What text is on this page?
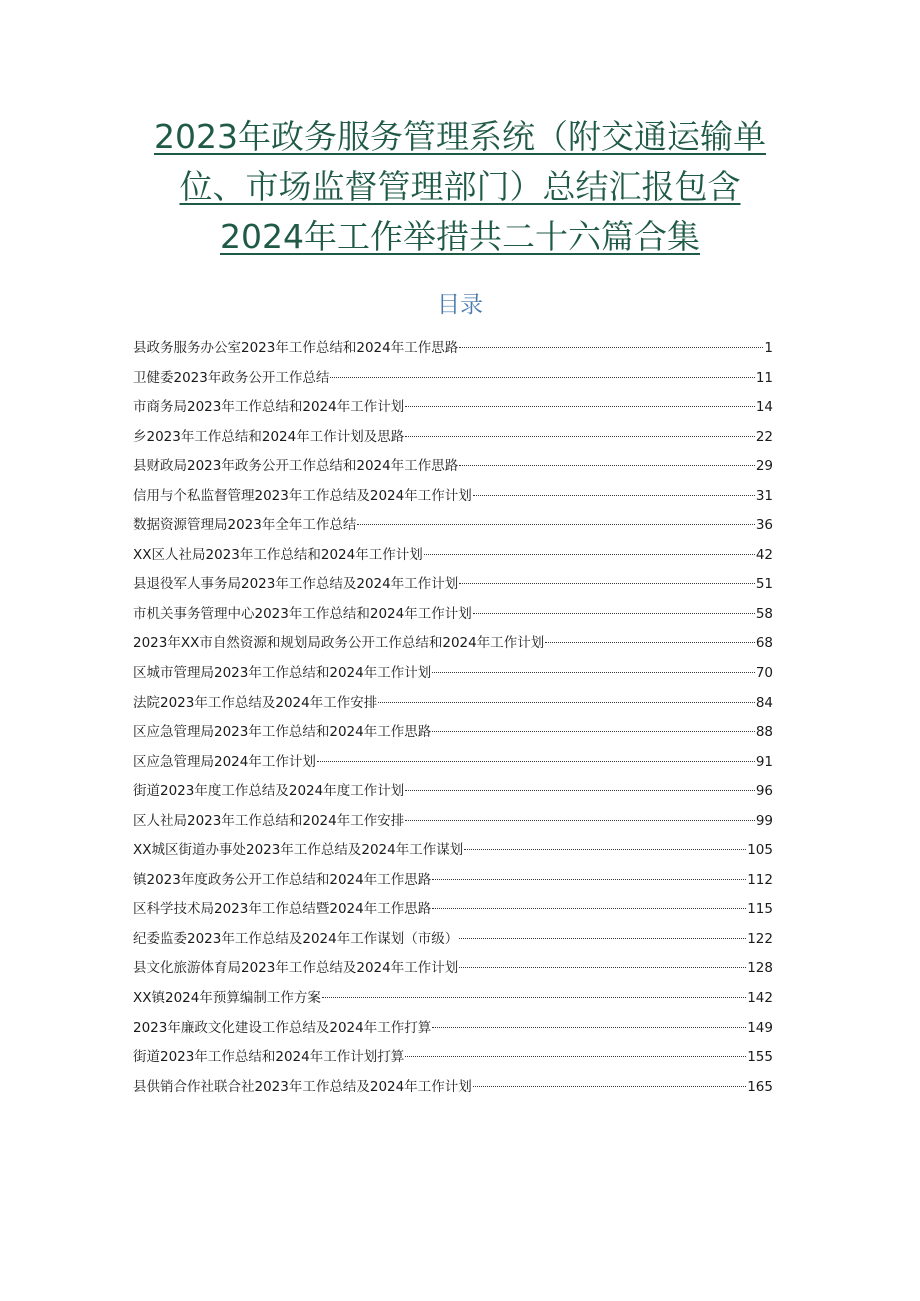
2023年政务服务管理系统（附交通运输单
位、市场监督管理部门）总结汇报包含
2024年工作举措共二十六篇合集
目录
县政务服务办公室2023年工作总结和2024年工作思路	1
卫健委2023年政务公开工作总结	11
市商务局2023年工作总结和2024年工作计划	14
乡2023年工作总结和2024年工作计划及思路	22
县财政局2023年政务公开工作总结和2024年工作思路	29
信用与个私监督管理2023年工作总结及2024年工作计划	31
数据资源管理局2023年全年工作总结	36
XX区人社局2023年工作总结和2024年工作计划	42
县退役军人事务局2023年工作总结及2024年工作计划	51
市机关事务管理中心2023年工作总结和2024年工作计划	58
2023年XX市自然资源和规划局政务公开工作总结和2024年工作计划	68
区城市管理局2023年工作总结和2024年工作计划	70
法院2023年工作总结及2024年工作安排	84
区应急管理局2023年工作总结和2024年工作思路	88
区应急管理局2024年工作计划	91
街道2023年度工作总结及2024年度工作计划	96
区人社局2023年工作总结和2024年工作安排	99
XX城区街道办事处2023年工作总结及2024年工作谋划	105
镇2023年度政务公开工作总结和2024年工作思路	112
区科学技术局2023年工作总结暨2024年工作思路	115
纪委监委2023年工作总结及2024年工作谋划（市级）	122
县文化旅游体育局2023年工作总结及2024年工作计划	128
XX镇2024年预算编制工作方案	142
2023年廉政文化建设工作总结及2024年工作打算	149
街道2023年工作总结和2024年工作计划打算	155
县供销合作社联合社2023年工作总结及2024年工作计划	165
